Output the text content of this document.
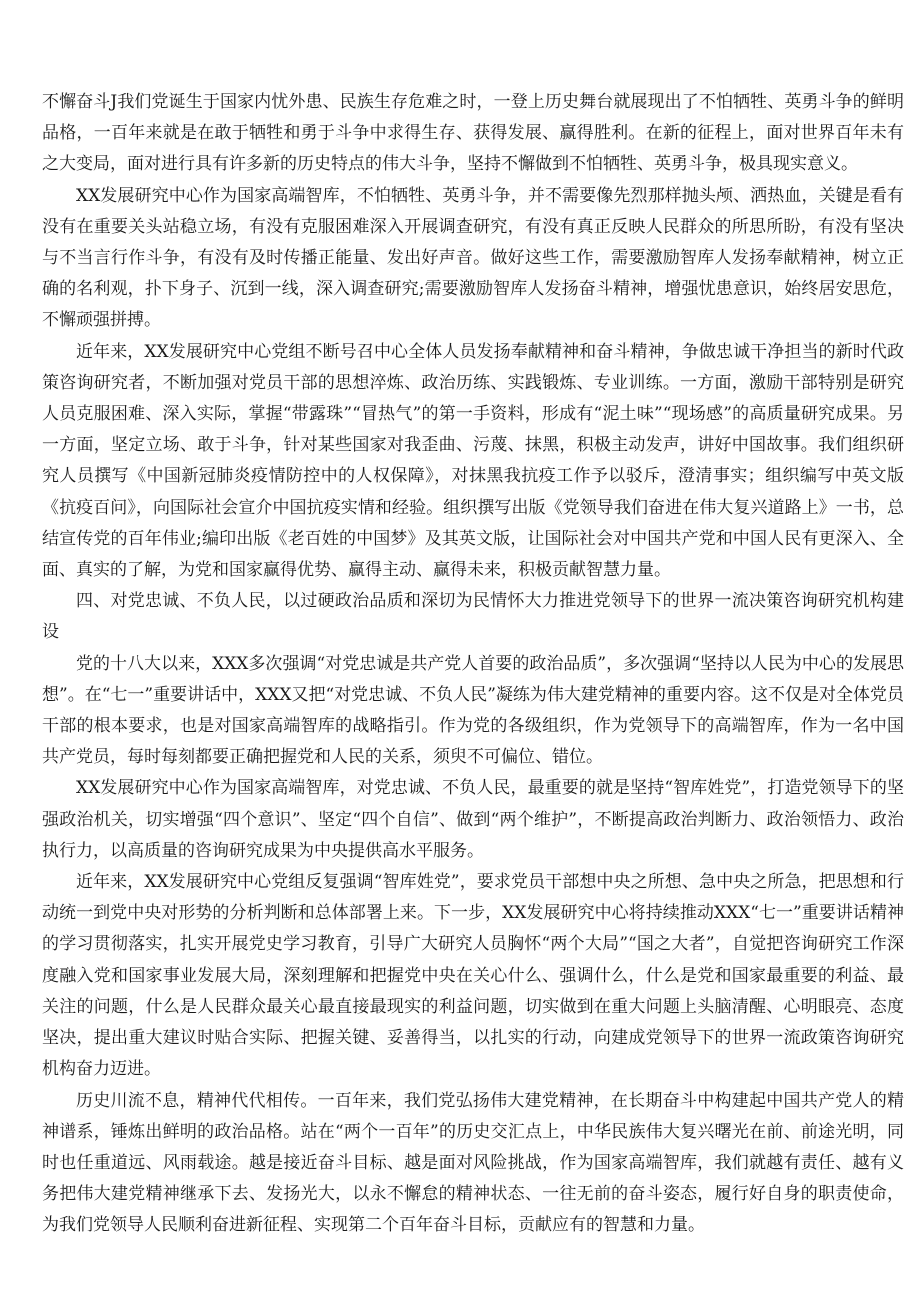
不懈奋斗J我们党诞生于国家内忧外患、民族生存危难之时，一登上历史舞台就展现出了不怕牺牲、英勇斗争的鲜明品格，一百年来就是在敢于牺牲和勇于斗争中求得生存、获得发展、赢得胜利。在新的征程上，面对世界百年未有之大变局，面对进行具有许多新的历史特点的伟大斗争，坚持不懈做到不怕牺牲、英勇斗争，极具现实意义。

XX发展研究中心作为国家高端智库，不怕牺牲、英勇斗争，并不需要像先烈那样抛头颅、洒热血，关键是看有没有在重要关头站稳立场，有没有克服困难深入开展调查研究，有没有真正反映人民群众的所思所盼，有没有坚决与不当言行作斗争，有没有及时传播正能量、发出好声音。做好这些工作，需要激励智库人发扬奉献精神，树立正确的名利观，扑下身子、沉到一线，深入调查研究;需要激励智库人发扬奋斗精神，增强忧患意识，始终居安思危，不懈顽强拼搏。

近年来，XX发展研究中心党组不断号召中心全体人员发扬奉献精神和奋斗精神，争做忠诚干净担当的新时代政策咨询研究者，不断加强对党员干部的思想淬炼、政治历练、实践锻炼、专业训练。一方面，激励干部特别是研究人员克服困难、深入实际，掌握“带露珠”“冒热气”的第一手资料，形成有“泥土味”“现场感”的高质量研究成果。另一方面，坚定立场、敢于斗争，针对某些国家对我歪曲、污蔑、抹黑，积极主动发声，讲好中国故事。我们组织研究人员撰写《中国新冠肺炎疫情防控中的人权保障》，对抹黑我抗疫工作予以驳斥，澄清事实；组织编写中英文版《抗疫百问》，向国际社会宣介中国抗疫实情和经验。组织撰写出版《党领导我们奋进在伟大复兴道路上》一书，总结宣传党的百年伟业;编印出版《老百姓的中国梦》及其英文版，让国际社会对中国共产党和中国人民有更深入、全面、真实的了解，为党和国家赢得优势、赢得主动、赢得未来，积极贡献智慧力量。

四、对党忠诚、不负人民，以过硬政治品质和深切为民情怀大力推进党领导下的世界一流决策咨询研究机构建设

党的十八大以来，XXX多次强调“对党忠诚是共产党人首要的政治品质”，多次强调“坚持以人民为中心的发展思想”。在“七一”重要讲话中，XXX又把“对党忠诚、不负人民”凝练为伟大建党精神的重要内容。这不仅是对全体党员干部的根本要求，也是对国家高端智库的战略指引。作为党的各级组织，作为党领导下的高端智库，作为一名中国共产党员，每时每刻都要正确把握党和人民的关系，须臾不可偏位、错位。

XX发展研究中心作为国家高端智库，对党忠诚、不负人民，最重要的就是坚持“智库姓党”，打造党领导下的坚强政治机关，切实增强“四个意识”、坚定“四个自信”、做到“两个维护”，不断提高政治判断力、政治领悟力、政治执行力，以高质量的咨询研究成果为中央提供高水平服务。

近年来，XX发展研究中心党组反复强调“智库姓党”，要求党员干部想中央之所想、急中央之所急，把思想和行动统一到党中央对形势的分析判断和总体部署上来。下一步，XX发展研究中心将持续推动XXX“七一”重要讲话精神的学习贯彻落实，扎实开展党史学习教育，引导广大研究人员胸怀“两个大局”“国之大者”，自觉把咨询研究工作深度融入党和国家事业发展大局，深刻理解和把握党中央在关心什么、强调什么，什么是党和国家最重要的利益、最关注的问题，什么是人民群众最关心最直接最现实的利益问题，切实做到在重大问题上头脑清醒、心明眼亮、态度坚决，提出重大建议时贴合实际、把握关键、妥善得当，以扎实的行动，向建成党领导下的世界一流政策咨询研究机构奋力迈进。

历史川流不息，精神代代相传。一百年来，我们党弘扬伟大建党精神，在长期奋斗中构建起中国共产党人的精神谱系，锤炼出鲜明的政治品格。站在“两个一百年”的历史交汇点上，中华民族伟大复兴曙光在前、前途光明，同时也任重道远、风雨载途。越是接近奋斗目标、越是面对风险挑战，作为国家高端智库，我们就越有责任、越有义务把伟大建党精神继承下去、发扬光大，以永不懈怠的精神状态、一往无前的奋斗姿态，履行好自身的职责使命，为我们党领导人民顺利奋进新征程、实现第二个百年奋斗目标，贡献应有的智慧和力量。
